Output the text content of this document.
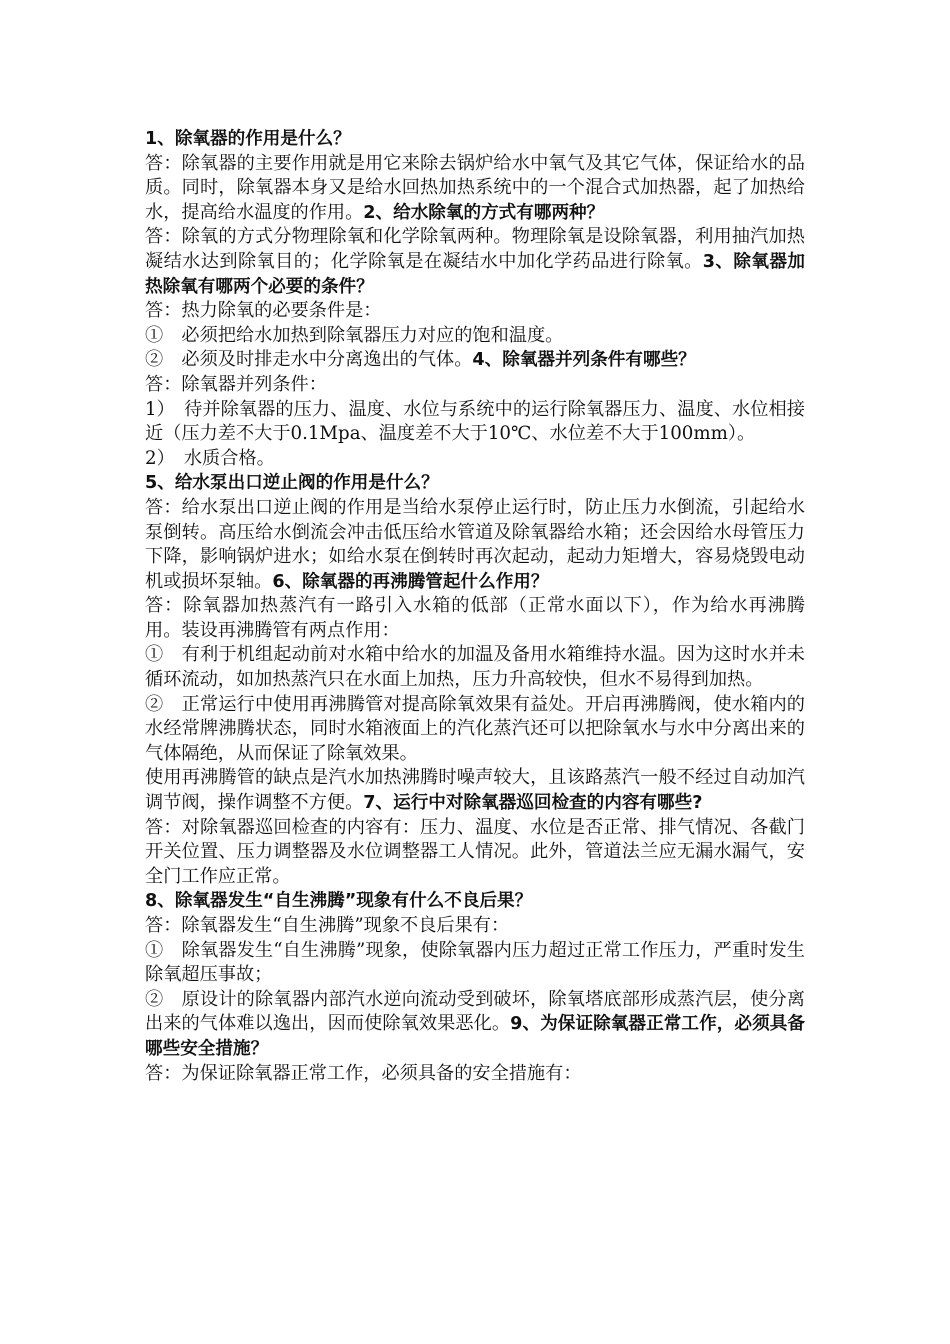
1、除氧器的作用是什么？

答：除氧器的主要作用就是用它来除去锅炉给水中氧气及其它气体，保证给水的品质。同时，除氧器本身又是给水回热加热系统中的一个混合式加热器，起了加热给水，提高给水温度的作用。2、给水除氧的方式有哪两种？

答：除氧的方式分物理除氧和化学除氧两种。物理除氧是设除氧器，利用抽汽加热凝结水达到除氧目的；化学除氧是在凝结水中加化学药品进行除氧。3、除氧器加热除氧有哪两个必要的条件？

答：热力除氧的必要条件是：

①　必须把给水加热到除氧器压力对应的饱和温度。

②　必须及时排走水中分离逸出的气体。4、除氧器并列条件有哪些？

答：除氧器并列条件：

1）　待并除氧器的压力、温度、水位与系统中的运行除氧器压力、温度、水位相接近（压力差不大于0.1Mpa、温度差不大于10℃、水位差不大于100mm）。

2）　水质合格。

5、给水泵出口逆止阀的作用是什么？

答：给水泵出口逆止阀的作用是当给水泵停止运行时，防止压力水倒流，引起给水泵倒转。高压给水倒流会冲击低压给水管道及除氧器给水箱；还会因给水母管压力下降，影响锅炉进水；如给水泵在倒转时再次起动，起动力矩增大，容易烧毁电动机或损坏泵轴。6、除氧器的再沸腾管起什么作用？

答：除氧器加热蒸汽有一路引入水箱的低部（正常水面以下），作为给水再沸腾用。装设再沸腾管有两点作用：

①　有利于机组起动前对水箱中给水的加温及备用水箱维持水温。因为这时水并未循环流动，如加热蒸汽只在水面上加热，压力升高较快，但水不易得到加热。

②　正常运行中使用再沸腾管对提高除氧效果有益处。开启再沸腾阀，使水箱内的水经常牌沸腾状态，同时水箱液面上的汽化蒸汽还可以把除氧水与水中分离出来的气体隔绝，从而保证了除氧效果。

使用再沸腾管的缺点是汽水加热沸腾时噪声较大，且该路蒸汽一般不经过自动加汽调节阀，操作调整不方便。7、运行中对除氧器巡回检查的内容有哪些?

答：对除氧器巡回检查的内容有：压力、温度、水位是否正常、排气情况、各截门开关位置、压力调整器及水位调整器工人情况。此外，管道法兰应无漏水漏气，安全门工作应正常。

8、除氧器发生“自生沸腾”现象有什么不良后果？

答：除氧器发生“自生沸腾”现象不良后果有：

①　除氧器发生“自生沸腾”现象，使除氧器内压力超过正常工作压力，严重时发生除氧超压事故；

②　原设计的除氧器内部汽水逆向流动受到破坏，除氧塔底部形成蒸汽层，使分离出来的气体难以逸出，因而使除氧效果恶化。9、为保证除氧器正常工作，必须具备哪些安全措施？

答：为保证除氧器正常工作，必须具备的安全措施有：
